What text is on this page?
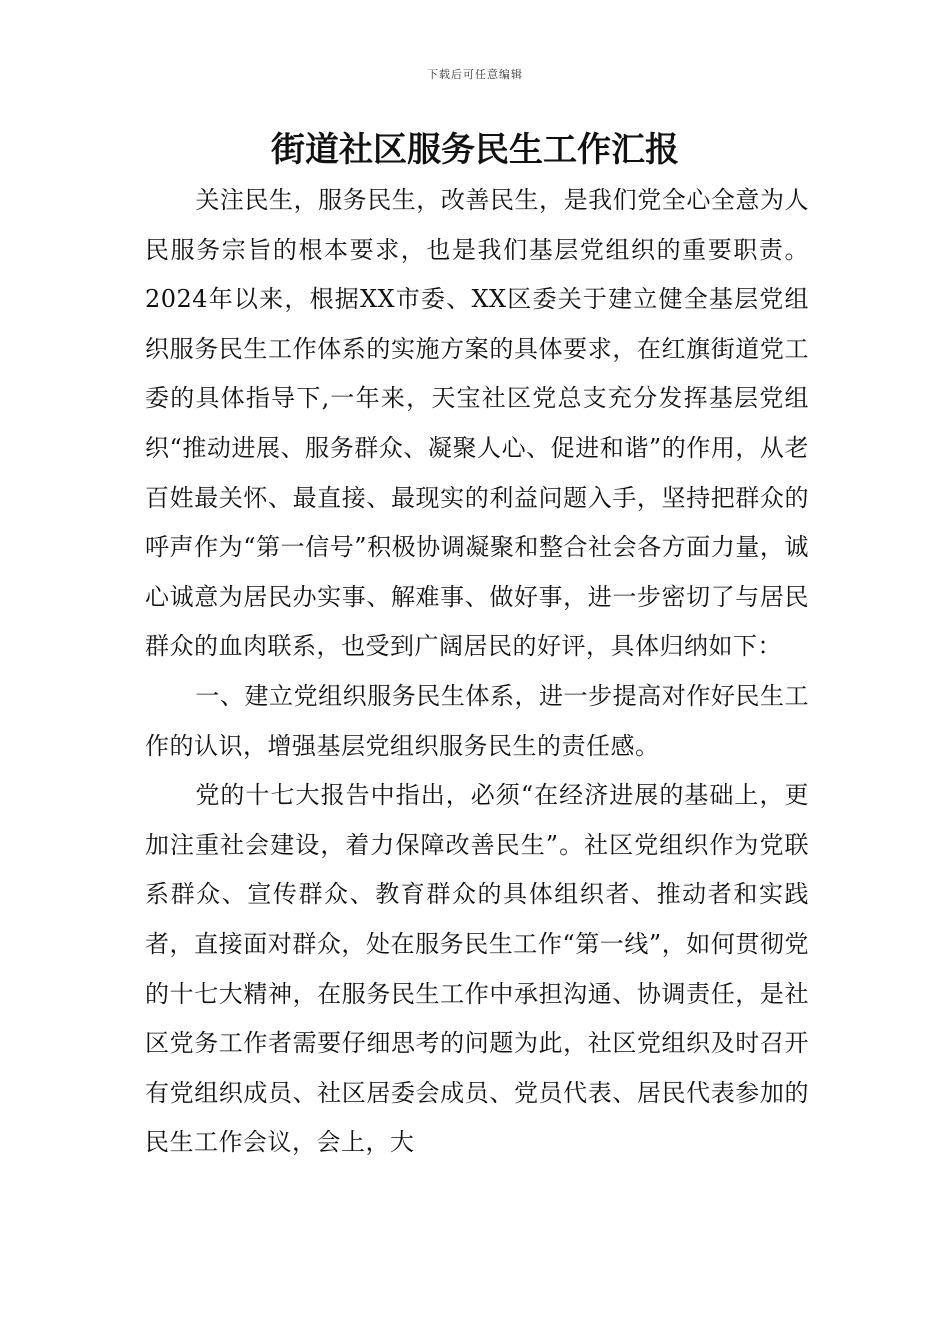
下载后可任意编辑
街道社区服务民生工作汇报

关注民生，服务民生，改善民生，是我们党全心全意为人民服务宗旨的根本要求，也是我们基层党组织的重要职责。2024年以来，根据XX市委、XX区委关于建立健全基层党组织服务民生工作体系的实施方案的具体要求，在红旗街道党工委的具体指导下,一年来，天宝社区党总支充分发挥基层党组织“推动进展、服务群众、凝聚人心、促进和谐”的作用，从老百姓最关怀、最直接、最现实的利益问题入手，坚持把群众的呼声作为“第一信号”积极协调凝聚和整合社会各方面力量，诚心诚意为居民办实事、解难事、做好事，进一步密切了与居民群众的血肉联系，也受到广阔居民的好评，具体归纳如下：

一、建立党组织服务民生体系，进一步提高对作好民生工作的认识，增强基层党组织服务民生的责任感。

党的十七大报告中指出，必须“在经济进展的基础上，更加注重社会建设，着力保障改善民生”。社区党组织作为党联系群众、宣传群众、教育群众的具体组织者、推动者和实践者，直接面对群众，处在服务民生工作“第一线”，如何贯彻党的十七大精神，在服务民生工作中承担沟通、协调责任，是社区党务工作者需要仔细思考的问题为此，社区党组织及时召开有党组织成员、社区居委会成员、党员代表、居民代表参加的民生工作会议，会上，大
